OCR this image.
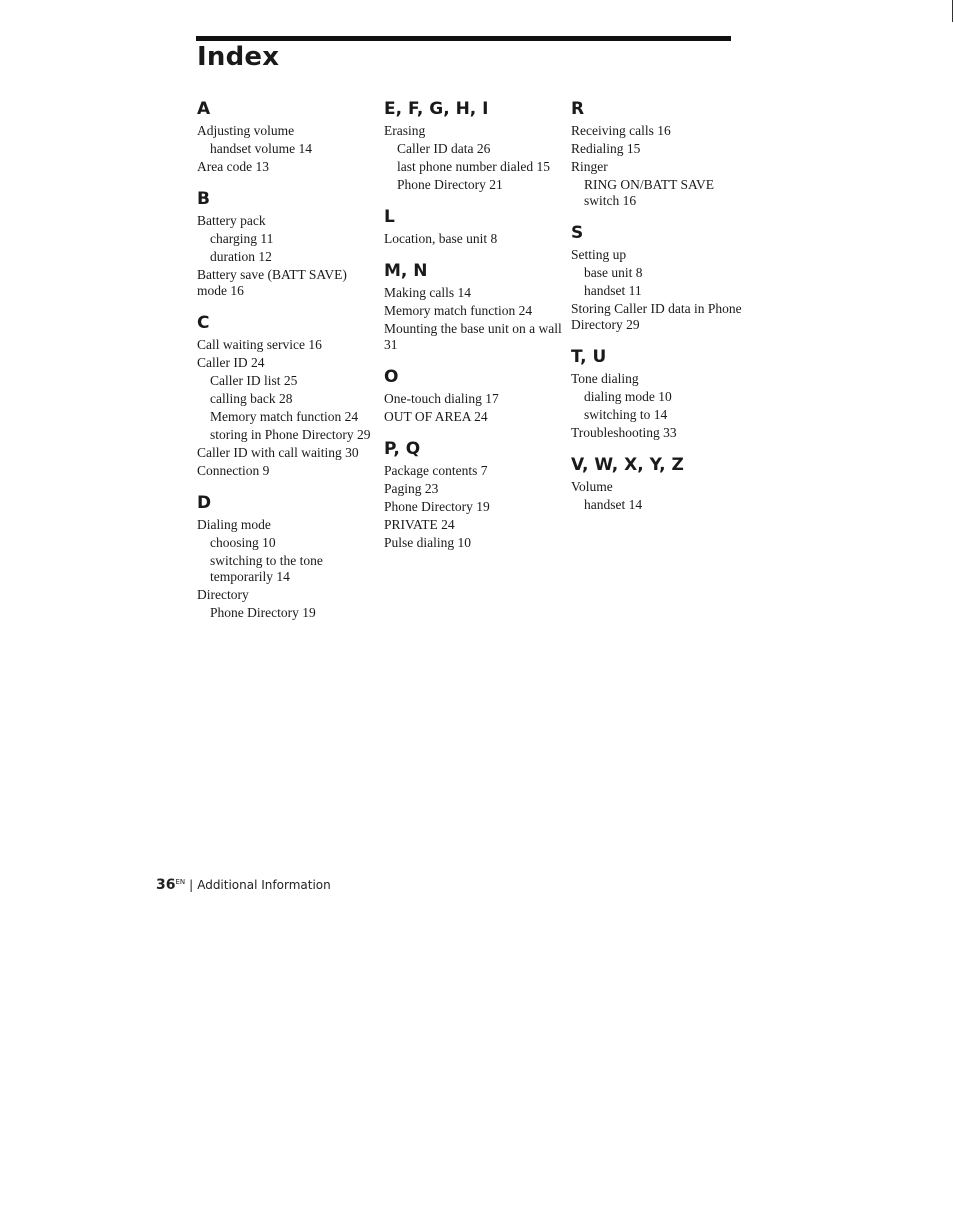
Index
A
Adjusting volume
handset volume 14
Area code 13
B
Battery pack
charging 11
duration 12
Battery save (BATT SAVE) mode 16
C
Call waiting service 16
Caller ID 24
Caller ID list 25
calling back 28
Memory match function 24
storing in Phone Directory 29
Caller ID with call waiting 30
Connection 9
D
Dialing mode
choosing 10
switching to the tone temporarily 14
Directory
Phone Directory 19
E, F, G, H, I
Erasing
Caller ID data 26
last phone number dialed 15
Phone Directory 21
L
Location, base unit 8
M, N
Making calls 14
Memory match function 24
Mounting the base unit on a wall 31
O
One-touch dialing 17
OUT OF AREA 24
P, Q
Package contents 7
Paging 23
Phone Directory 19
PRIVATE 24
Pulse dialing 10
R
Receiving calls 16
Redialing 15
Ringer
RING ON/BATT SAVE switch 16
S
Setting up
base unit 8
handset 11
Storing Caller ID data in Phone Directory 29
T, U
Tone dialing
dialing mode 10
switching to 14
Troubleshooting 33
V, W, X, Y, Z
Volume
handset 14
$36^{EN}$ | Additional Information
